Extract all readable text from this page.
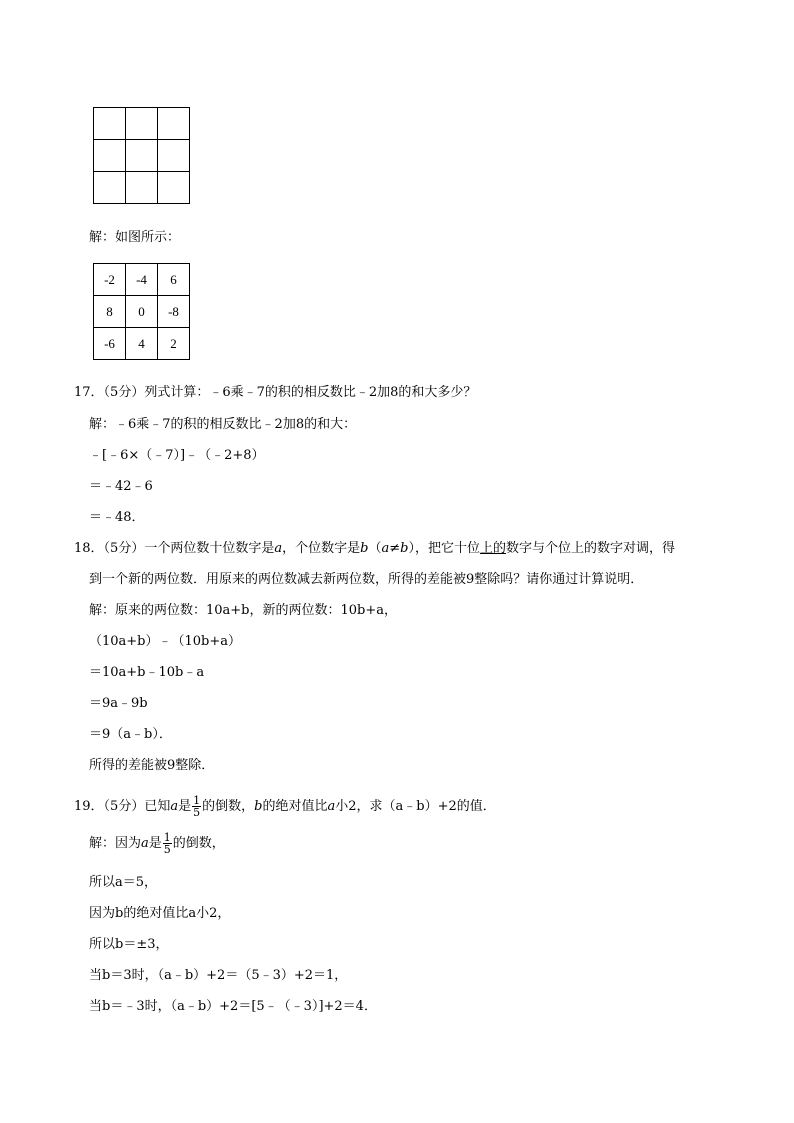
解：如图所示：
-2	-4	6
8	0	-8
-6	4	2
17．（5分）列式计算：﹣6乘﹣7的积的相反数比﹣2加8的和大多少？
解：﹣6乘﹣7的积的相反数比﹣2加8的和大：
﹣[﹣6×（﹣7）]﹣（﹣2+8）
＝﹣42﹣6
＝﹣48．
18．（5分）一个两位数十位数字是a，个位数字是b（a≠b），把它十位上的数字与个位上的数字对调，得
到一个新的两位数．用原来的两位数减去新两位数，所得的差能被9整除吗？请你通过计算说明．
解：原来的两位数：10a+b，新的两位数：10b+a，
（10a+b）﹣（10b+a）
＝10a+b﹣10b﹣a
＝9a﹣9b
＝9（a﹣b）．
所得的差能被9整除．
19．（5分）已知a是 $\frac{1}{5}$ 的倒数，b的绝对值比a小2，求（a﹣b）+2的值．
解：因为a是 $\frac{1}{5}$ 的倒数，
所以a＝5，
因为b的绝对值比a小2，
所以b＝±3，
当b＝3时，（a﹣b）+2＝（5﹣3）+2＝1，
当b＝﹣3时，（a﹣b）+2＝[5﹣（﹣3）]+2＝4．
